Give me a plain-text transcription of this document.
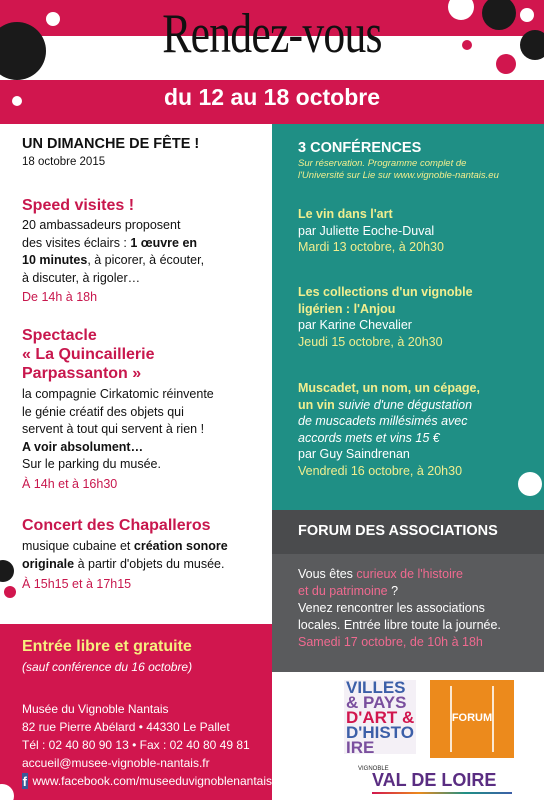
Rendez-vous
du 12 au 18 octobre
UN DIMANCHE DE FÊTE !
18 octobre 2015
Speed visites !
20 ambassadeurs proposent
des visites éclairs : 1 œuvre en
10 minutes, à picorer, à écouter,
à discuter, à rigoler…
De 14h à 18h
Spectacle
« La Quincaillerie
Parpassanton »
la compagnie Cirkatomic réinvente
le génie créatif des objets qui
servent à tout qui servent à rien !
A voir absolument…
Sur le parking du musée.
À 14h et à 16h30
Concert des Chapalleros
musique cubaine et création sonore
originale à partir d'objets du musée.
À 15h15 et à 17h15
3 CONFÉRENCES
Sur réservation. Programme complet de
l'Université sur Lie sur www.vignoble-nantais.eu
Le vin dans l'art
par Juliette Eoche-Duval
Mardi 13 octobre, à 20h30
Les collections d'un vignoble
ligérien : l'Anjou
par Karine Chevalier
Jeudi 15 octobre, à 20h30
Muscadet, un nom, un cépage,
un vin suivie d'une dégustation
de muscadets millésimés avec
accords mets et vins 15 €
par Guy Saindrenan
Vendredi 16 octobre, à 20h30
FORUM DES ASSOCIATIONS
Vous êtes curieux de l'histoire
et du patrimoine ?
Venez rencontrer les associations
locales. Entrée libre toute la journée.
Samedi 17 octobre, de 10h à 18h
Entrée libre et gratuite
(sauf conférence du 16 octobre)
Musée du Vignoble Nantais
82 rue Pierre Abélard • 44330 Le Pallet
Tél : 02 40 80 90 13 • Fax : 02 40 80 49 81
accueil@musee-vignoble-nantais.fr
f www.facebook.com/museeduvignoblenantais
VILLES
& PAYS
D'ART &
D'HISTO
IRE
FORUM
VIGNOBLE
VAL DE LOIRE
